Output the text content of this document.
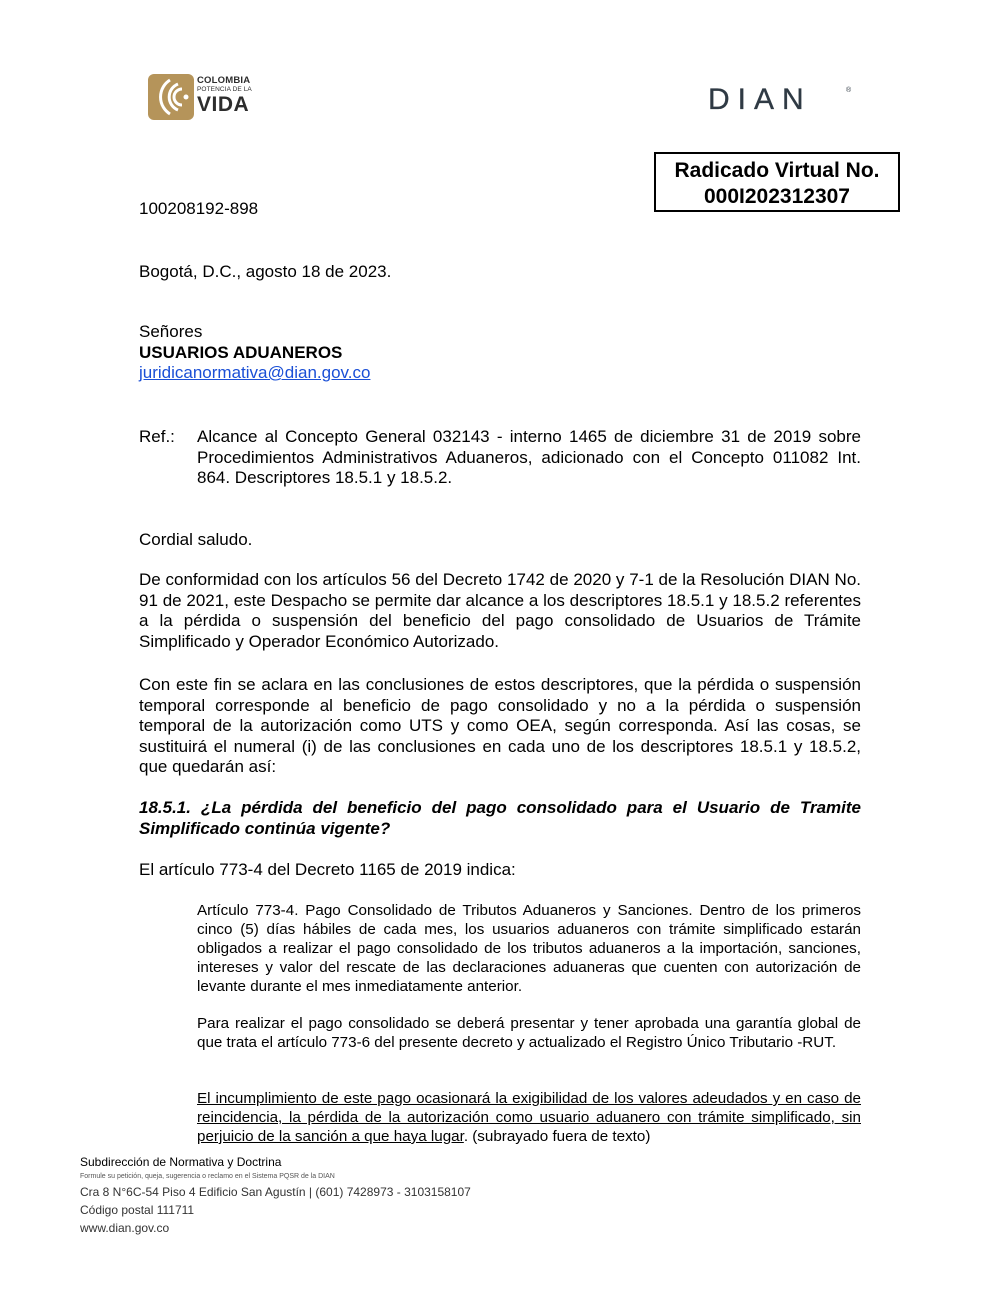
COLOMBIA
POTENCIA DE LA
VIDA	DIAN	®
Radicado Virtual No.
000I202312307
100208192-898
Bogotá, D.C., agosto 18 de 2023.
Señores
USUARIOS ADUANEROS
juridicanormativa@dian.gov.co
Ref.: Alcance al Concepto General 032143 - interno 1465 de diciembre 31 de 2019 sobre Procedimientos Administrativos Aduaneros, adicionado con el Concepto 011082 Int. 864. Descriptores 18.5.1 y 18.5.2.
Cordial saludo.
De conformidad con los artículos 56 del Decreto 1742 de 2020 y 7-1 de la Resolución DIAN No. 91 de 2021, este Despacho se permite dar alcance a los descriptores 18.5.1 y 18.5.2 referentes a la pérdida o suspensión del beneficio del pago consolidado de Usuarios de Trámite Simplificado y Operador Económico Autorizado.
Con este fin se aclara en las conclusiones de estos descriptores, que la pérdida o suspensión temporal corresponde al beneficio de pago consolidado y no a la pérdida o suspensión temporal de la autorización como UTS y como OEA, según corresponda. Así las cosas, se sustituirá el numeral (i) de las conclusiones en cada uno de los descriptores 18.5.1 y 18.5.2, que quedarán así:
18.5.1. ¿La pérdida del beneficio del pago consolidado para el Usuario de Tramite Simplificado continúa vigente?
El artículo 773-4 del Decreto 1165 de 2019 indica:
Artículo 773-4. Pago Consolidado de Tributos Aduaneros y Sanciones. Dentro de los primeros cinco (5) días hábiles de cada mes, los usuarios aduaneros con trámite simplificado estarán obligados a realizar el pago consolidado de los tributos aduaneros a la importación, sanciones, intereses y valor del rescate de las declaraciones aduaneras que cuenten con autorización de levante durante el mes inmediatamente anterior.
Para realizar el pago consolidado se deberá presentar y tener aprobada una garantía global de que trata el artículo 773-6 del presente decreto y actualizado el Registro Único Tributario -RUT.
El incumplimiento de este pago ocasionará la exigibilidad de los valores adeudados y en caso de reincidencia, la pérdida de la autorización como usuario aduanero con trámite simplificado, sin perjuicio de la sanción a que haya lugar. (subrayado fuera de texto)
Subdirección de Normativa y Doctrina
Formule su petición, queja, sugerencia o reclamo en el Sistema PQSR de la DIAN
Cra 8 N°6C-54 Piso 4 Edificio San Agustín | (601) 7428973 - 3103158107
Código postal 111711
www.dian.gov.co
